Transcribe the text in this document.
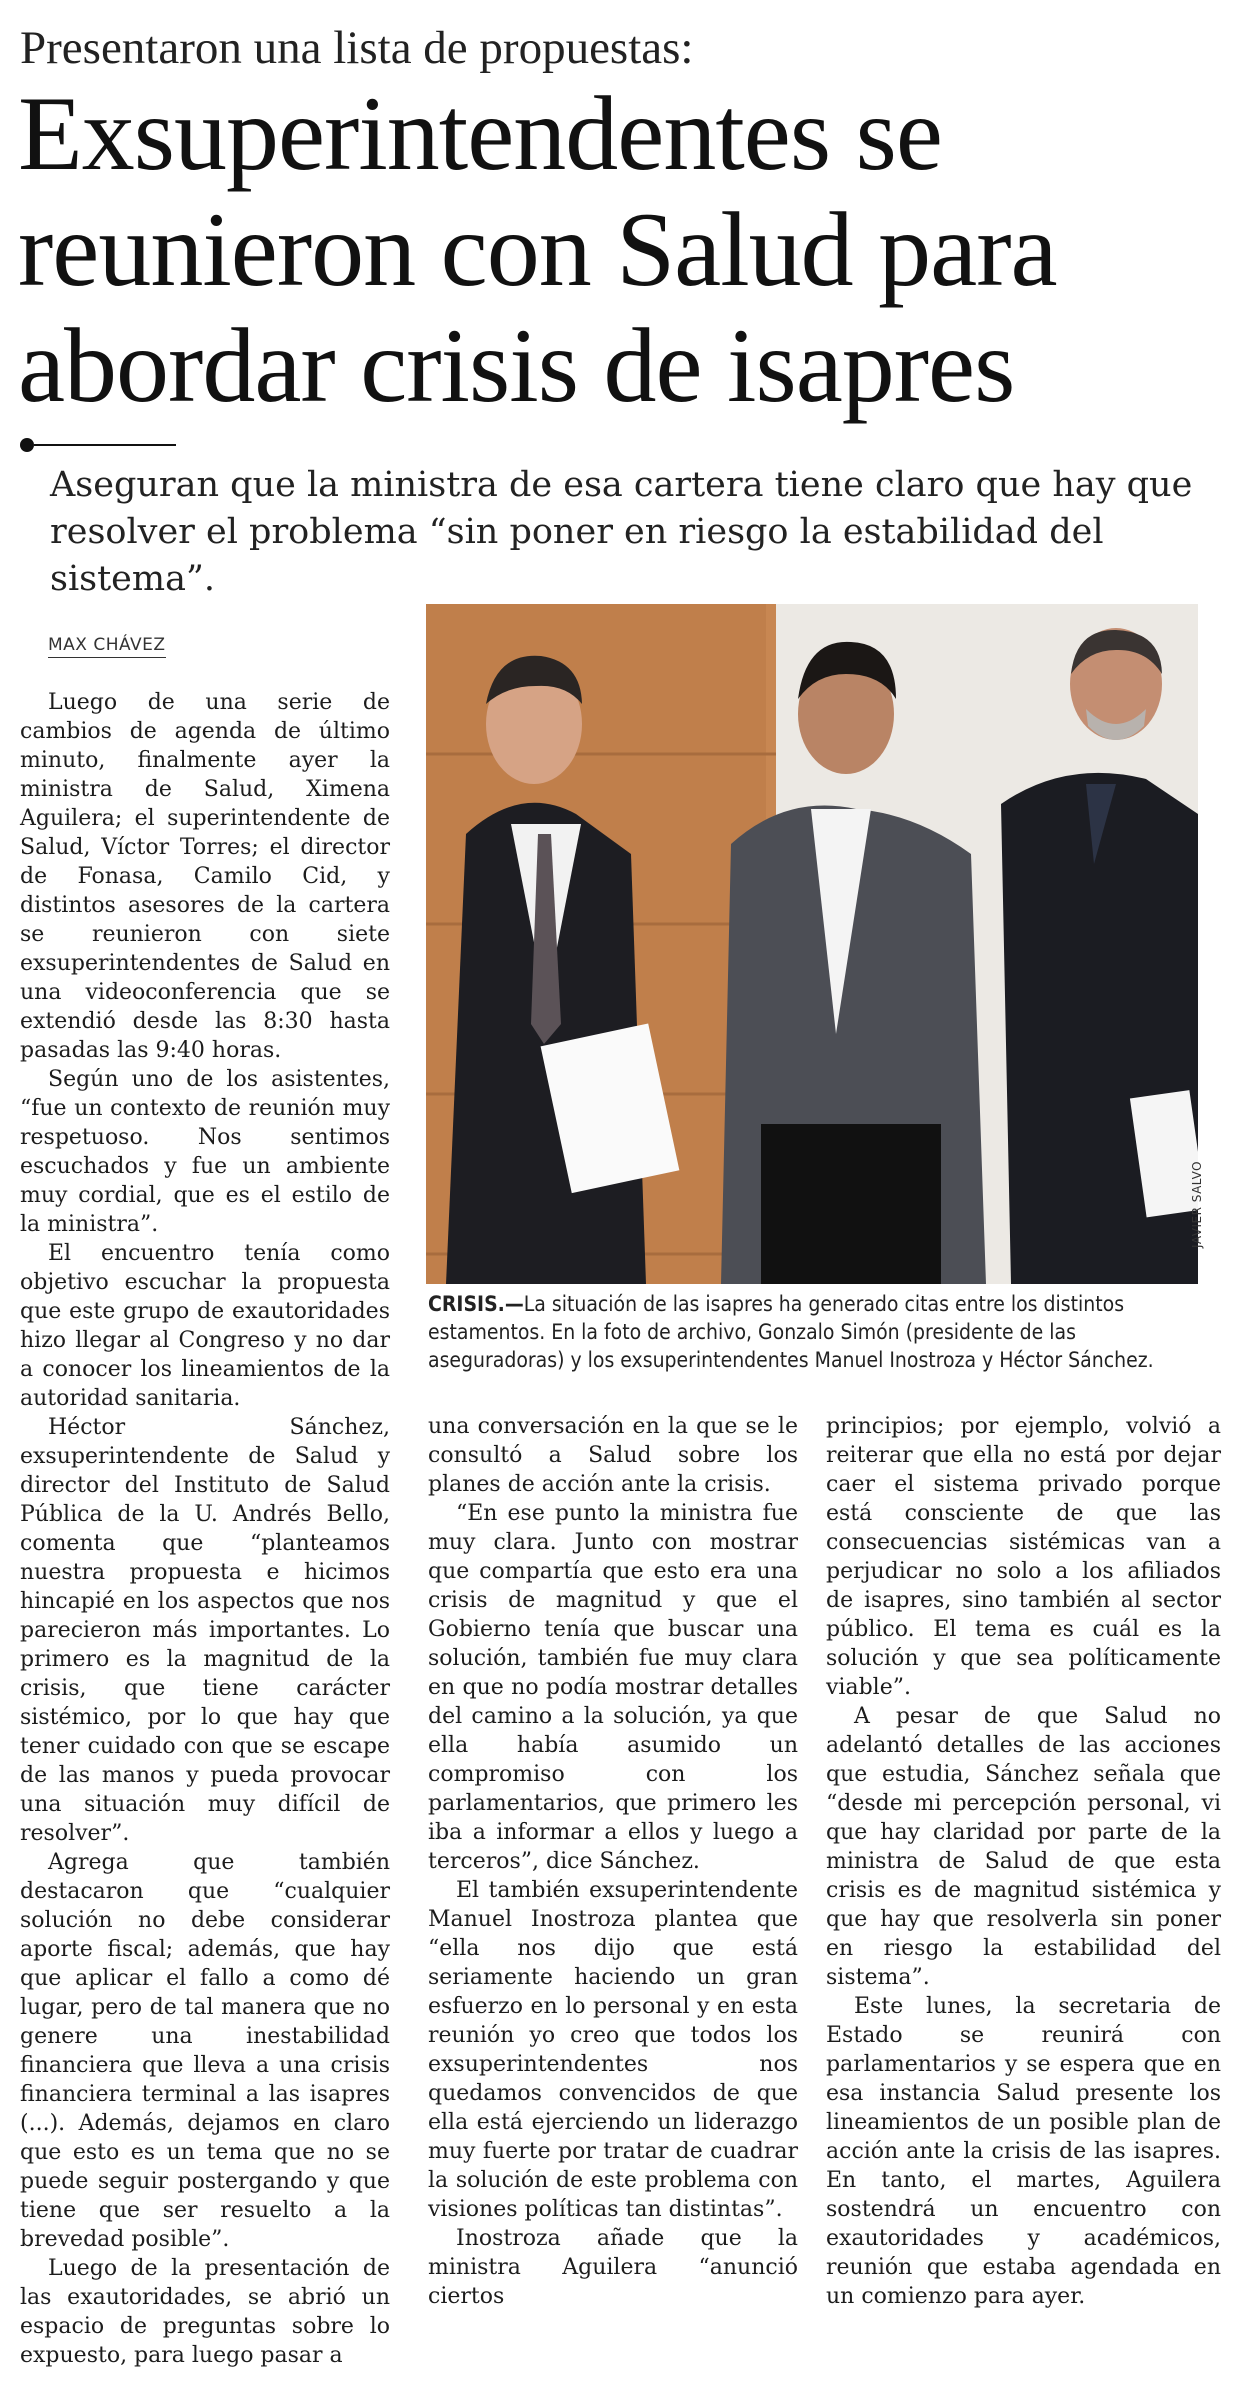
Presentaron una lista de propuestas:
Exsuperintendentes se reunieron con Salud para abordar crisis de isapres

Aseguran que la ministra de esa cartera tiene claro que hay que resolver el problema “sin poner en riesgo la estabilidad del sistema”.

MAX CHÁVEZ

Luego de una serie de cambios de agenda de último minuto, finalmente ayer la ministra de Salud, Ximena Aguilera; el superintendente de Salud, Víctor Torres; el director de Fonasa, Camilo Cid, y distintos asesores de la cartera se reunieron con siete exsuperintendentes de Salud en una videoconferencia que se extendió desde las 8:30 hasta pasadas las 9:40 horas.

Según uno de los asistentes, “fue un contexto de reunión muy respetuoso. Nos sentimos escuchados y fue un ambiente muy cordial, que es el estilo de la ministra”.

El encuentro tenía como objetivo escuchar la propuesta que este grupo de exautoridades hizo llegar al Congreso y no dar a conocer los lineamientos de la autoridad sanitaria.

Héctor Sánchez, exsuperintendente de Salud y director del Instituto de Salud Pública de la U. Andrés Bello, comenta que “planteamos nuestra propuesta e hicimos hincapié en los aspectos que nos parecieron más importantes. Lo primero es la magnitud de la crisis, que tiene carácter sistémico, por lo que hay que tener cuidado con que se escape de las manos y pueda provocar una situación muy difícil de resolver”.

Agrega que también destacaron que “cualquier solución no debe considerar aporte fiscal; además, que hay que aplicar el fallo a como dé lugar, pero de tal manera que no genere una inestabilidad financiera que lleva a una crisis financiera terminal a las isapres (...). Además, dejamos en claro que esto es un tema que no se puede seguir postergando y que tiene que ser resuelto a la brevedad posible”.

Luego de la presentación de las exautoridades, se abrió un espacio de preguntas sobre lo expuesto, para luego pasar a

JAVIER SALVO

CRISIS.—La situación de las isapres ha generado citas entre los distintos estamentos. En la foto de archivo, Gonzalo Simón (presidente de las aseguradoras) y los exsuperintendentes Manuel Inostroza y Héctor Sánchez.

una conversación en la que se le consultó a Salud sobre los planes de acción ante la crisis.

“En ese punto la ministra fue muy clara. Junto con mostrar que compartía que esto era una crisis de magnitud y que el Gobierno tenía que buscar una solución, también fue muy clara en que no podía mostrar detalles del camino a la solución, ya que ella había asumido un compromiso con los parlamentarios, que primero les iba a informar a ellos y luego a terceros”, dice Sánchez.

El también exsuperintendente Manuel Inostroza plantea que “ella nos dijo que está seriamente haciendo un gran esfuerzo en lo personal y en esta reunión yo creo que todos los exsuperintendentes nos quedamos convencidos de que ella está ejerciendo un liderazgo muy fuerte por tratar de cuadrar la solución de este problema con visiones políticas tan distintas”.

Inostroza añade que la ministra Aguilera “anunció ciertos

principios; por ejemplo, volvió a reiterar que ella no está por dejar caer el sistema privado porque está consciente de que las consecuencias sistémicas van a perjudicar no solo a los afiliados de isapres, sino también al sector público. El tema es cuál es la solución y que sea políticamente viable”.

A pesar de que Salud no adelantó detalles de las acciones que estudia, Sánchez señala que “desde mi percepción personal, vi que hay claridad por parte de la ministra de Salud de que esta crisis es de magnitud sistémica y que hay que resolverla sin poner en riesgo la estabilidad del sistema”.

Este lunes, la secretaria de Estado se reunirá con parlamentarios y se espera que en esa instancia Salud presente los lineamientos de un posible plan de acción ante la crisis de las isapres. En tanto, el martes, Aguilera sostendrá un encuentro con exautoridades y académicos, reunión que estaba agendada en un comienzo para ayer.
